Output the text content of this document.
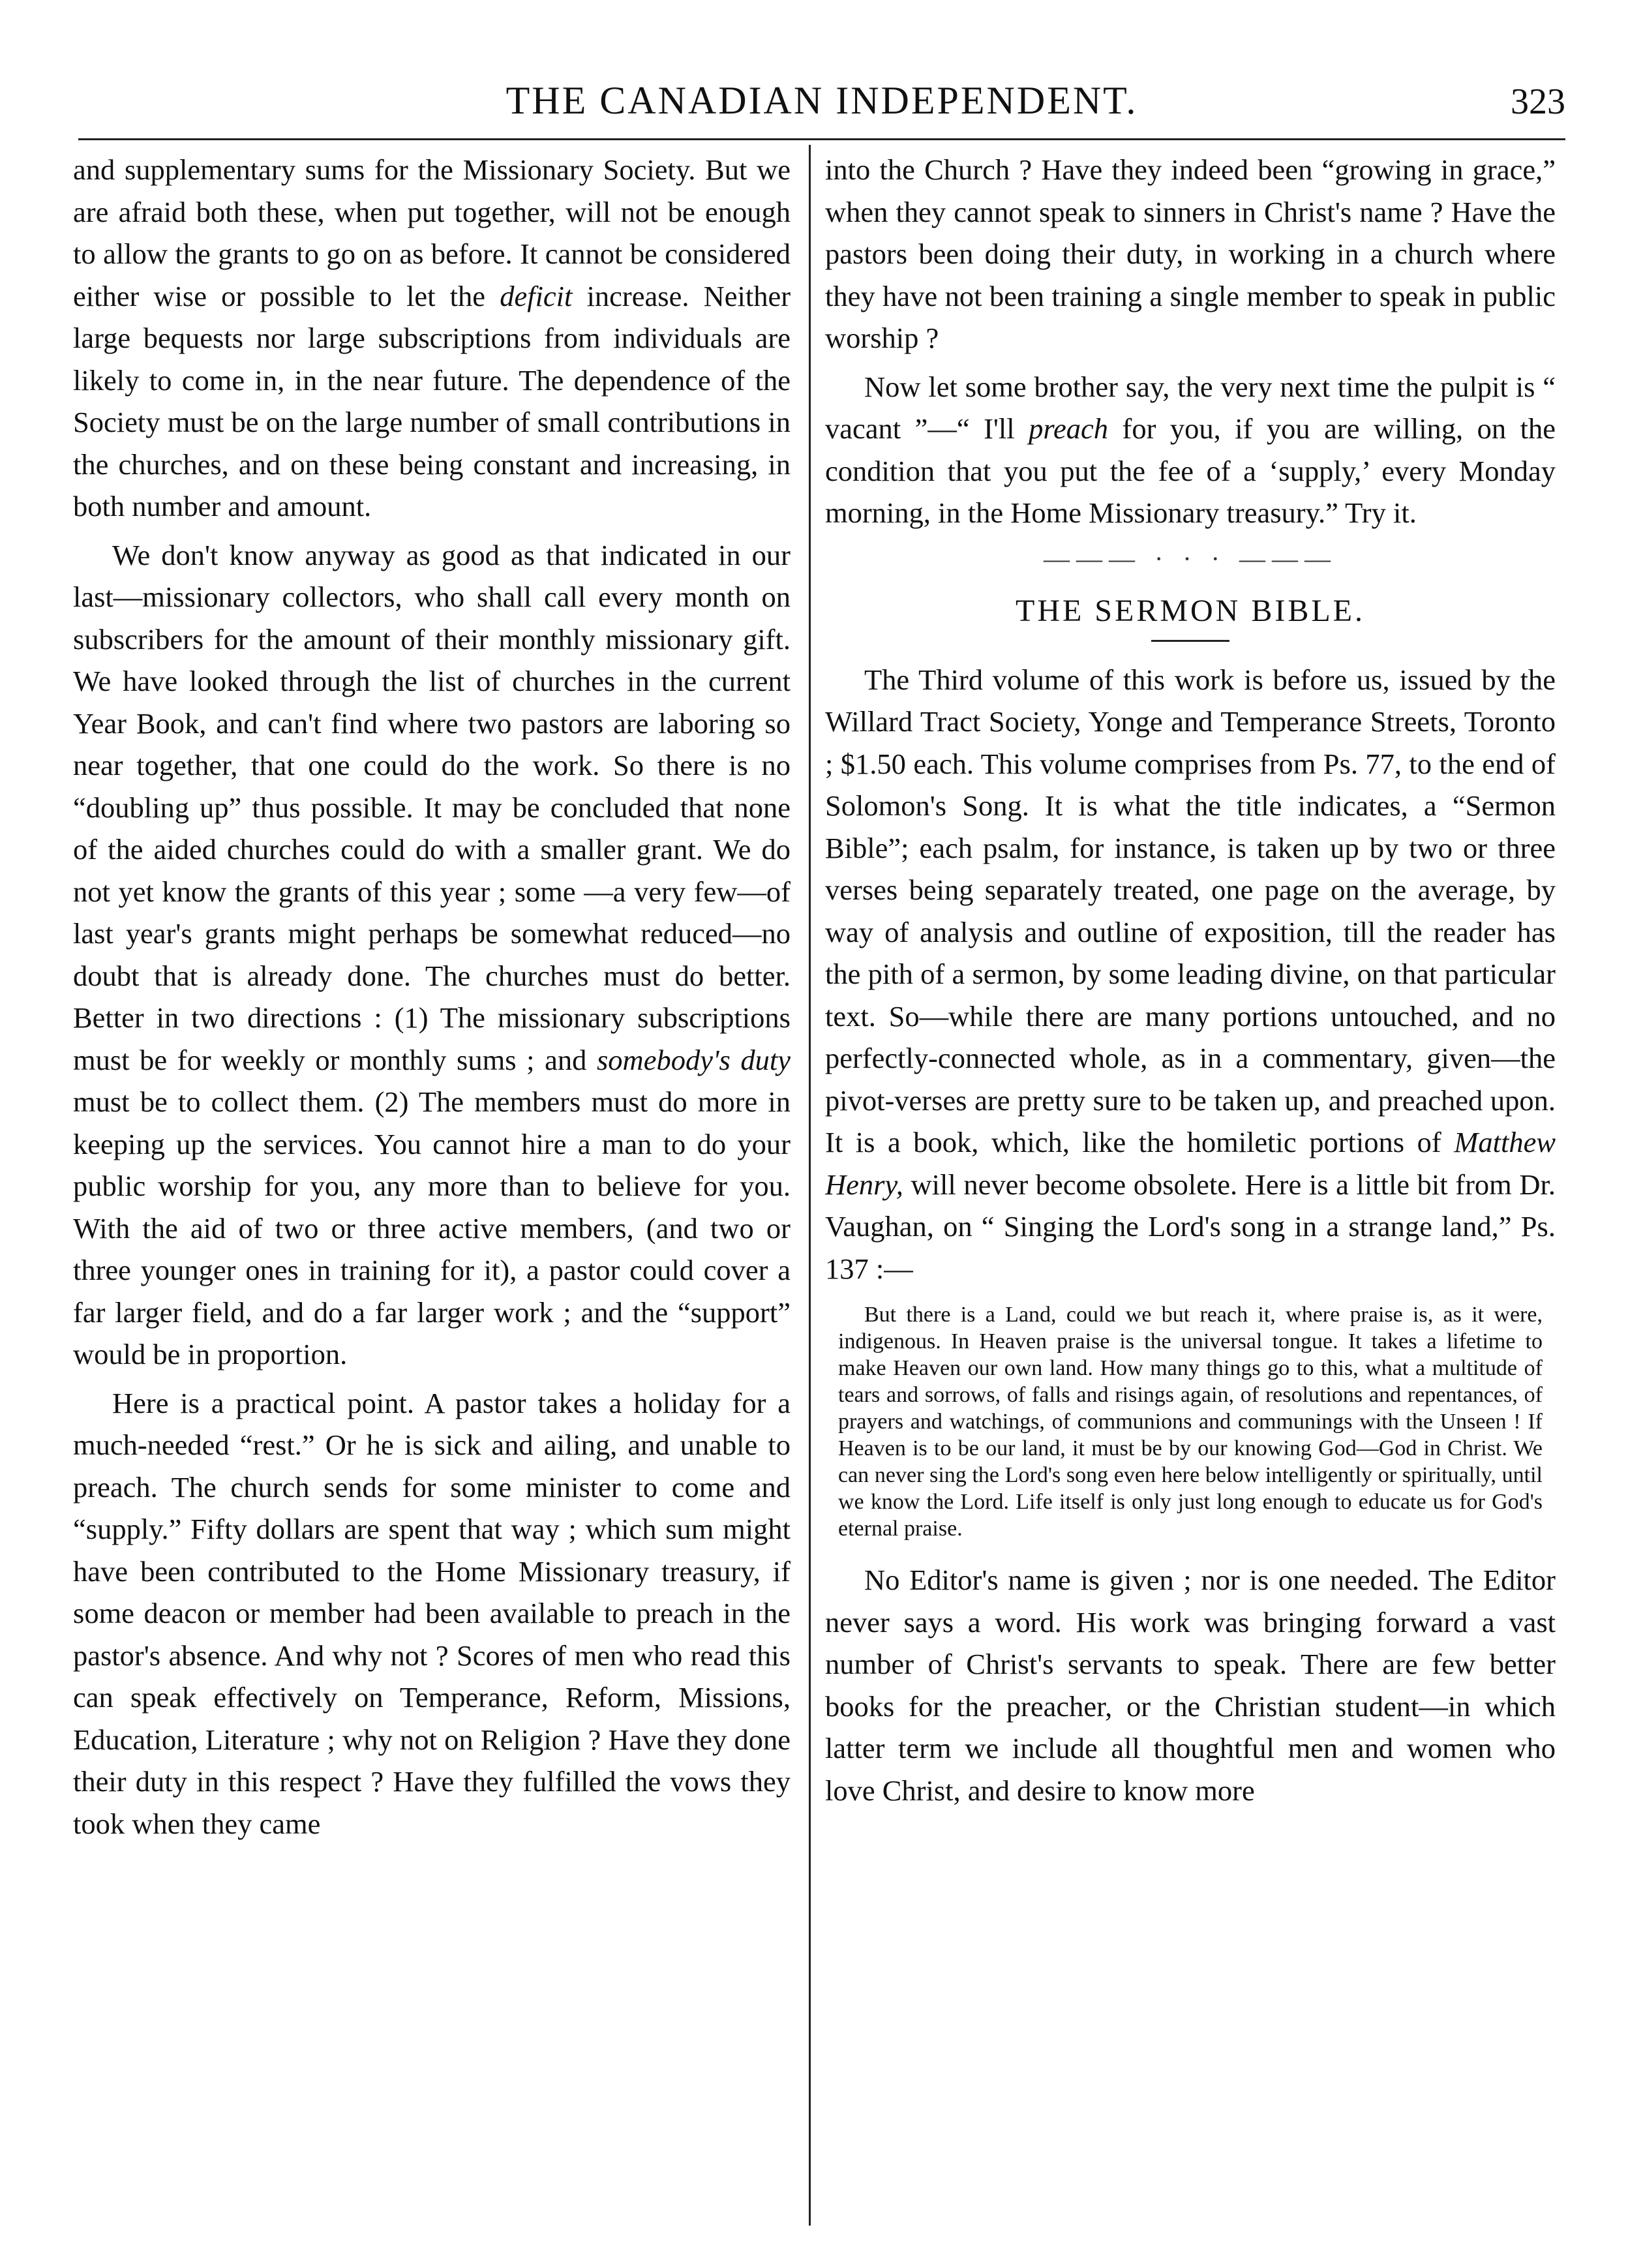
THE CANADIAN INDEPENDENT.	323

and supplementary sums for the Missionary Society. But we are afraid both these, when put together, will not be enough to allow the grants to go on as before. It cannot be considered either wise or possible to let the deficit increase. Neither large bequests nor large subscriptions from individuals are likely to come in, in the near future. The dependence of the Society must be on the large number of small contributions in the churches, and on these being constant and increasing, in both number and amount.

We don't know anyway as good as that indicated in our last—missionary collectors, who shall call every month on subscribers for the amount of their monthly missionary gift. We have looked through the list of churches in the current Year Book, and can't find where two pastors are laboring so near together, that one could do the work. So there is no “doubling up” thus possible. It may be concluded that none of the aided churches could do with a smaller grant. We do not yet know the grants of this year ; some —a very few—of last year's grants might perhaps be somewhat reduced—no doubt that is already done. The churches must do better. Better in two directions : (1) The missionary subscriptions must be for weekly or monthly sums ; and somebody's duty must be to collect them. (2) The members must do more in keeping up the services. You cannot hire a man to do your public worship for you, any more than to believe for you. With the aid of two or three active members, (and two or three younger ones in training for it), a pastor could cover a far larger field, and do a far larger work ; and the “support” would be in proportion.

Here is a practical point. A pastor takes a holiday for a much-needed “rest.” Or he is sick and ailing, and unable to preach. The church sends for some minister to come and “supply.” Fifty dollars are spent that way ; which sum might have been contributed to the Home Missionary treasury, if some deacon or member had been available to preach in the pastor's absence. And why not ? Scores of men who read this can speak effectively on Temperance, Reform, Missions, Education, Literature ; why not on Religion ? Have they done their duty in this respect ? Have they fulfilled the vows they took when they came

into the Church ? Have they indeed been “growing in grace,” when they cannot speak to sinners in Christ's name ? Have the pastors been doing their duty, in working in a church where they have not been training a single member to speak in public worship ?

Now let some brother say, the very next time the pulpit is “ vacant ”—“ I'll preach for you, if you are willing, on the condition that you put the fee of a ‘supply,’ every Monday morning, in the Home Missionary treasury.” Try it.

——— · · · ———
THE SERMON BIBLE.

The Third volume of this work is before us, issued by the Willard Tract Society, Yonge and Temperance Streets, Toronto ; $1.50 each. This volume comprises from Ps. 77, to the end of Solomon's Song. It is what the title indicates, a “Sermon Bible”; each psalm, for instance, is taken up by two or three verses being separately treated, one page on the average, by way of analysis and outline of exposition, till the reader has the pith of a sermon, by some leading divine, on that particular text. So—while there are many portions untouched, and no perfectly-connected whole, as in a commentary, given—the pivot-verses are pretty sure to be taken up, and preached upon. It is a book, which, like the homiletic portions of Matthew Henry, will never become obsolete. Here is a little bit from Dr. Vaughan, on “ Singing the Lord's song in a strange land,” Ps. 137 :—

But there is a Land, could we but reach it, where praise is, as it were, indigenous. In Heaven praise is the universal tongue. It takes a lifetime to make Heaven our own land. How many things go to this, what a multitude of tears and sorrows, of falls and risings again, of resolutions and repentances, of prayers and watchings, of communions and communings with the Unseen ! If Heaven is to be our land, it must be by our knowing God—God in Christ. We can never sing the Lord's song even here below intelligently or spiritually, until we know the Lord. Life itself is only just long enough to educate us for God's eternal praise.

No Editor's name is given ; nor is one needed. The Editor never says a word. His work was bringing forward a vast number of Christ's servants to speak. There are few better books for the preacher, or the Christian student—in which latter term we include all thoughtful men and women who love Christ, and desire to know more
